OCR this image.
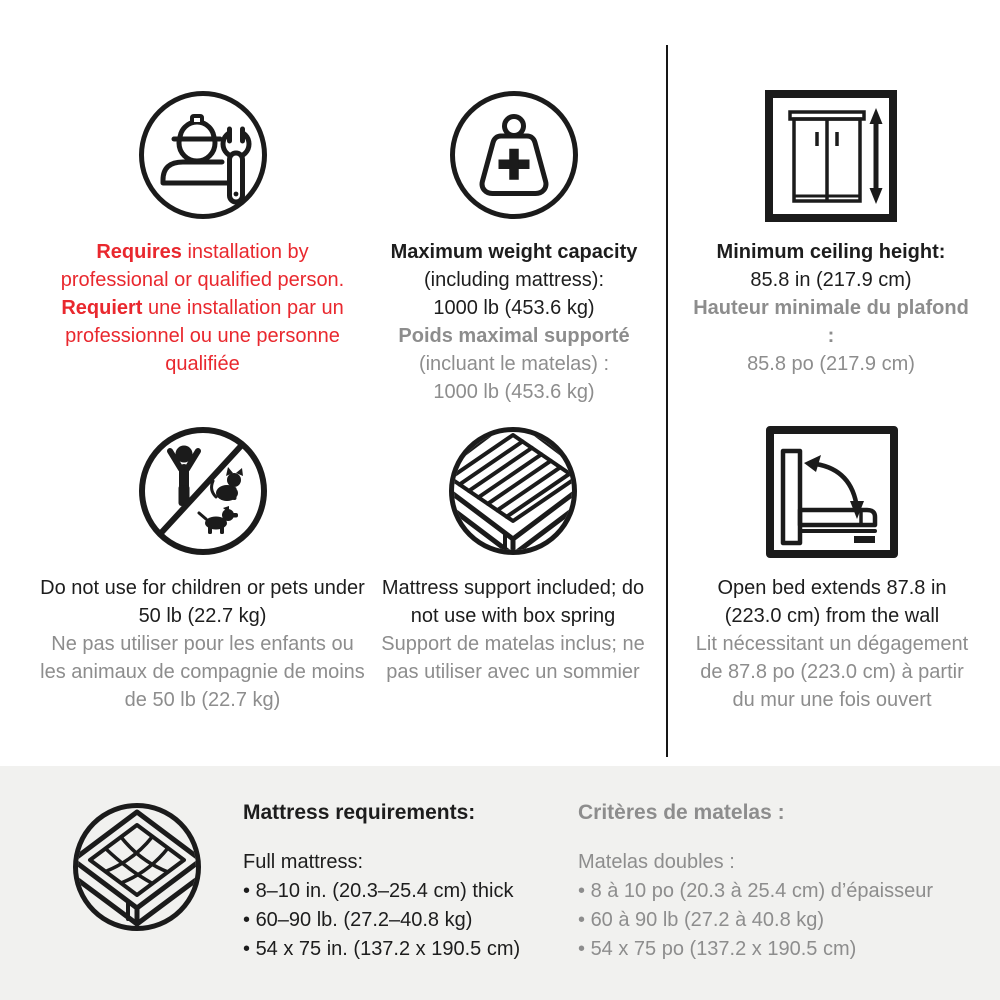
Requires installation by professional or qualified person.
Requiert une installation par un professionnel ou une personne qualifiée
Maximum weight capacity
(including mattress):
1000 lb (453.6 kg)
Poids maximal supporté
(incluant le matelas) :
1000 lb (453.6 kg)
Minimum ceiling height:
85.8 in (217.9 cm)
Hauteur minimale du plafond :
85.8 po (217.9 cm)
Do not use for children or pets under 50 lb (22.7 kg)
Ne pas utiliser pour les enfants ou les animaux de compagnie de moins de 50 lb (22.7 kg)
Mattress support included; do not use with box spring
Support de matelas inclus; ne pas utiliser avec un sommier
Open bed extends 87.8 in (223.0 cm) from the wall
Lit nécessitant un dégagement de 87.8 po (223.0 cm) à partir du mur une fois ouvert
Mattress requirements:
Full mattress:
• 8–10 in. (20.3–25.4 cm) thick
• 60–90 lb. (27.2–40.8 kg)
• 54 x 75 in. (137.2 x 190.5 cm)
Critères de matelas :
Matelas doubles :
• 8 à 10 po (20.3 à 25.4 cm) d’épaisseur
• 60 à 90 lb (27.2 à 40.8 kg)
• 54 x 75 po (137.2 x 190.5 cm)
